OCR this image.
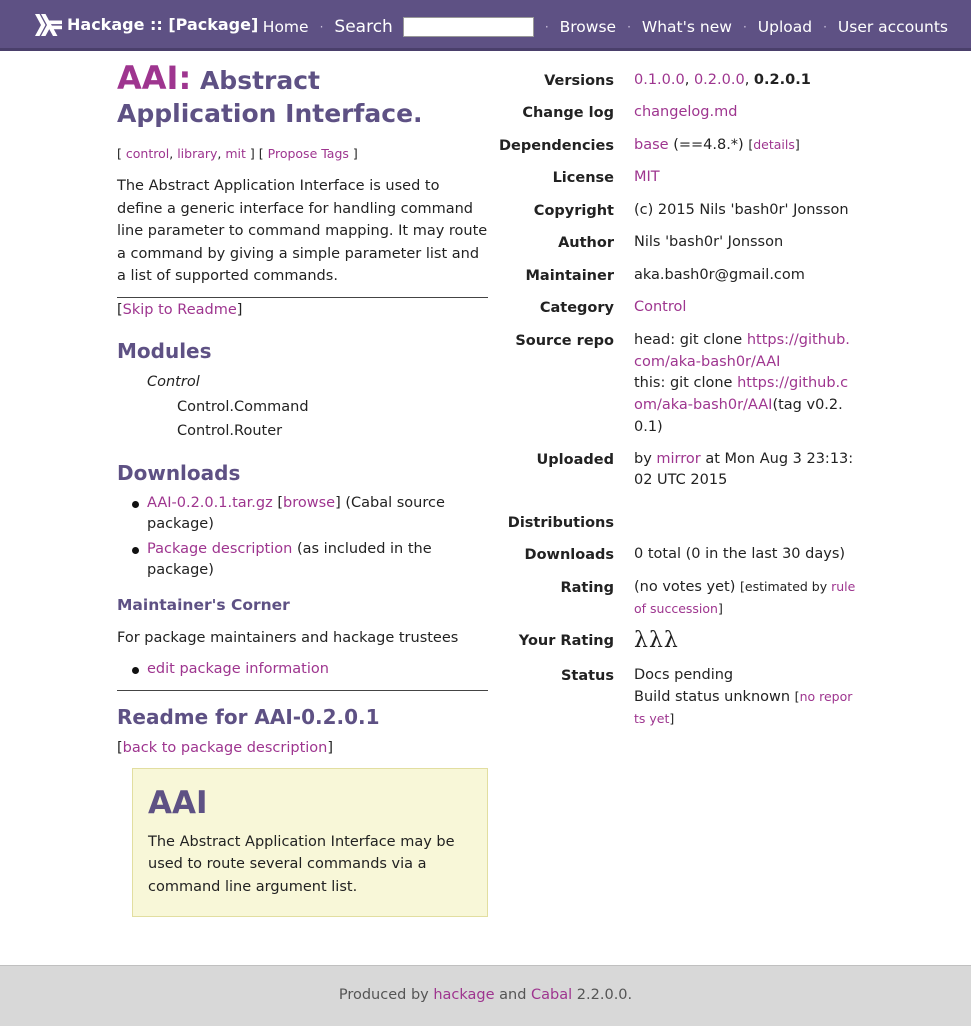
Hackage :: [Package] Home · Search	· Browse · What's new · Upload · User accounts
AAI: Abstract Application Interface.
[ control, library, mit ] [ Propose Tags ]

The Abstract Application Interface is used to define a generic interface for handling command line parameter to command mapping. It may route a command by giving a simple parameter list and a list of supported commands.

[Skip to Readme]

Modules
Control
Control.Command
Control.Router
Downloads
AAI-0.2.0.1.tar.gz [browse] (Cabal source package)
Package description (as included in the package)
Maintainer's Corner
For package maintainers and hackage trustees
edit package information
Readme for AAI-0.2.0.1

[back to package description]

AAI

The Abstract Application Interface may be used to route several commands via a command line argument list.

Versions	0.1.0.0, 0.2.0.0, 0.2.0.1
Change log	changelog.md
Dependencies	base (==4.8.*) [details]
License	MIT
Copyright	(c) 2015 Nils 'bash0r' Jonsson
Author	Nils 'bash0r' Jonsson
Maintainer	aka.bash0r@gmail.com
Category	Control
Source repo	head: git clone https://github.com/aka-bash0r/AAI
this: git clone https://github.com/aka-bash0r/AAI(tag v0.2.0.1)
Uploaded	by mirror at Mon Aug 3 23:13:02 UTC 2015
Distributions	
Downloads	0 total (0 in the last 30 days)
Rating	(no votes yet) [estimated by rule of succession]
Your Rating	λλλ
Status	Docs pending
Build status unknown [no reports yet]
Produced by hackage and Cabal 2.2.0.0.
